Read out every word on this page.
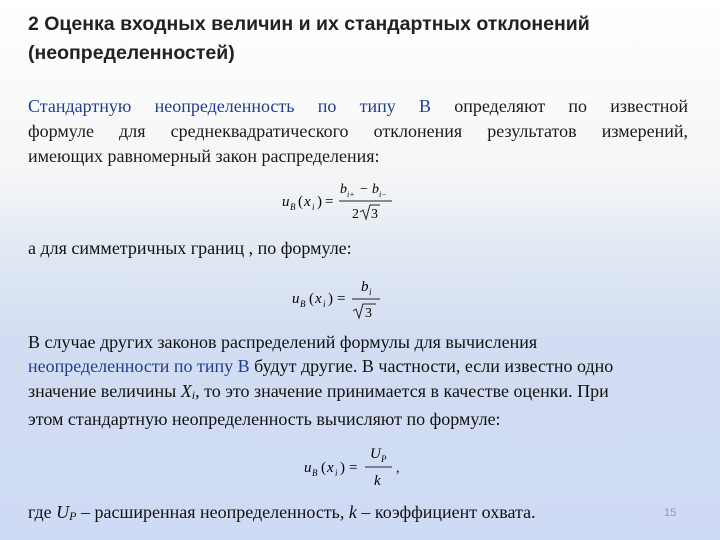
2 Оценка входных величин и их стандартных отклонений
(неопределенностей)
Стандартную неопределенность по типу В определяют по известной
формуле для среднеквадратического отклонения результатов измерений,
имеющих равномерный закон распределения:
u B ( x i ) =
b i+ − b i−
2 3
а для симметричных границ , по формуле:
u B ( x i ) =
b i
3
В случае других законов распределений формулы для вычисления
неопределенности по типу В будут другие. В частности, если известно одно
значение величины Xi, то это значение принимается в качестве оценки. При
этом стандартную неопределенность вычисляют по формуле:
u B ( x i ) =
U P
k
,
где UP – расширенная неопределенность, k – коэффициент охвата.	15
